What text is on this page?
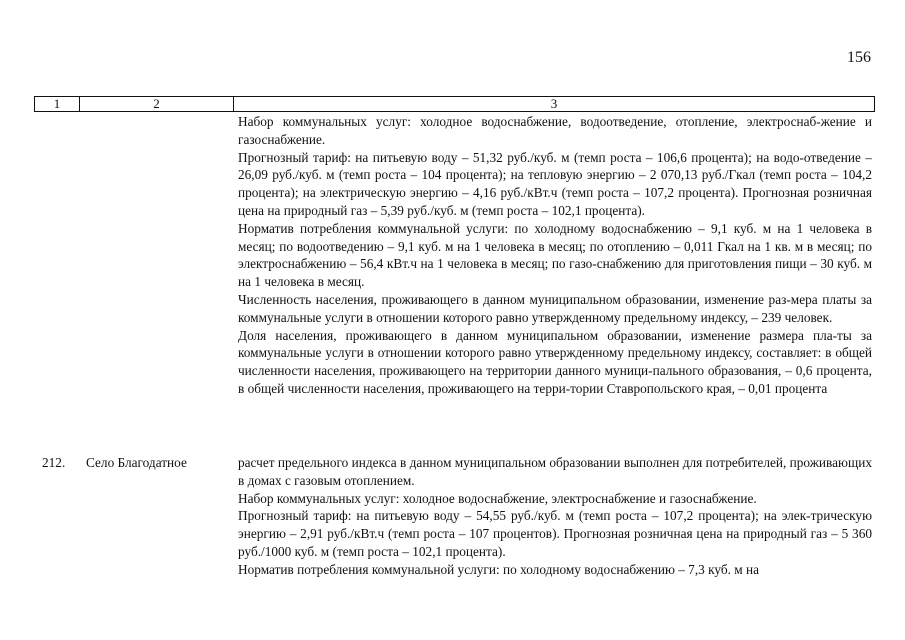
156
1	2	3

Набор коммунальных услуг: холодное водоснабжение, водоотведение, отопление, электроснаб-жение и газоснабжение.

Прогнозный тариф: на питьевую воду – 51,32 руб./куб. м (темп роста – 106,6 процента); на водо-отведение – 26,09 руб./куб. м (темп роста – 104 процента); на тепловую энергию – 2 070,13 руб./Гкал (темп роста – 104,2 процента); на электрическую энергию – 4,16 руб./кВт.ч (темп роста – 107,2 процента). Прогнозная розничная цена на природный газ – 5,39 руб./куб. м (темп роста – 102,1 процента).

Норматив потребления коммунальной услуги: по холодному водоснабжению – 9,1 куб. м на 1 человека в месяц; по водоотведению – 9,1 куб. м на 1 человека в месяц; по отоплению – 0,011 Гкал на 1 кв. м в месяц; по электроснабжению – 56,4 кВт.ч на 1 человека в месяц; по газо-снабжению для приготовления пищи – 30 куб. м на 1 человека в месяц.

Численность населения, проживающего в данном муниципальном образовании, изменение раз-мера платы за коммунальные услуги в отношении которого равно утвержденному предельному индексу, – 239 человек.

Доля населения, проживающего в данном муниципальном образовании, изменение размера пла-ты за коммунальные услуги в отношении которого равно утвержденному предельному индексу, составляет: в общей численности населения, проживающего на территории данного муници-пального образования, – 0,6 процента, в общей численности населения, проживающего на терри-тории Ставропольского края, – 0,01 процента

212. Село Благодатное	расчет предельного индекса в данном муниципальном образовании выполнен для потребителей, проживающих в домах с газовым отоплением.

Набор коммунальных услуг: холодное водоснабжение, электроснабжение и газоснабжение.

Прогнозный тариф: на питьевую воду – 54,55 руб./куб. м (темп роста – 107,2 процента); на элек-трическую энергию – 2,91 руб./кВт.ч (темп роста – 107 процентов). Прогнозная розничная цена на природный газ – 5 360 руб./1000 куб. м (темп роста – 102,1 процента).

Норматив потребления коммунальной услуги: по холодному водоснабжению – 7,3 куб. м на
